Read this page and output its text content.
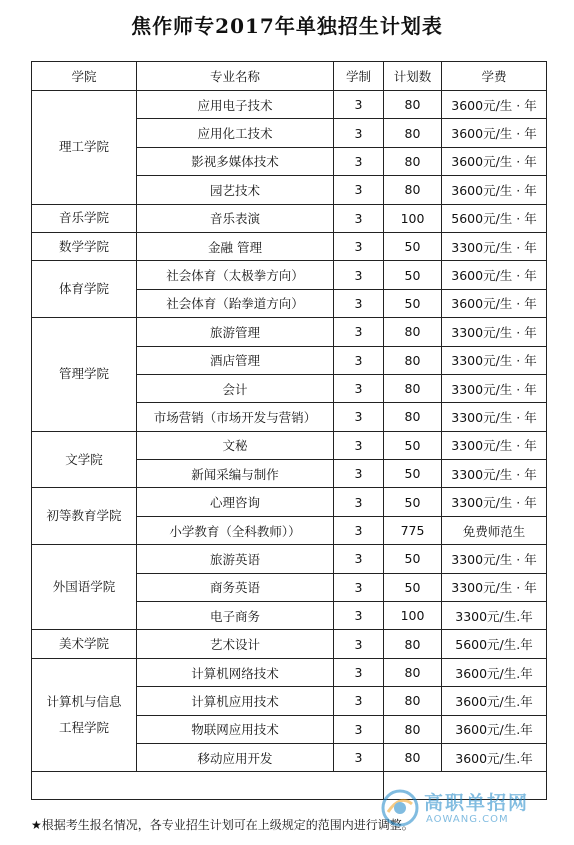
焦作师专2017年单独招生计划表
学院	专业名称	学制	计划数	学费
理工学院	应用电子技术	3	80	3600元/生 · 年
	应用化工技术	3	80	3600元/生 · 年
	影视多媒体技术	3	80	3600元/生 · 年
	园艺技术	3	80	3600元/生 · 年
音乐学院	音乐表演	3	100	5600元/生 · 年
数学学院	金融 管理	3	50	3300元/生 · 年
体育学院	社会体育（太极拳方向）	3	50	3600元/生 · 年
	社会体育（跆拳道方向）	3	50	3600元/生 · 年
管理学院	旅游管理	3	80	3300元/生 · 年
	酒店管理	3	80	3300元/生 · 年
	会计	3	80	3300元/生 · 年
	市场营销（市场开发与营销）	3	80	3300元/生 · 年
文学院	文秘	3	50	3300元/生 · 年
	新闻采编与制作	3	50	3300元/生 · 年
初等教育学院	心理咨询	3	50	3300元/生 · 年
	小学教育（全科教师））	3	775	免费师范生
外国语学院	旅游英语	3	50	3300元/生 · 年
	商务英语	3	50	3300元/生 · 年
	电子商务	3	100	3300元/生.年
美术学院	艺术设计	3	80	5600元/生.年
计算机与信息
工程学院	计算机网络技术	3	80	3600元/生.年
	计算机应用技术	3	80	3600元/生.年
	物联网应用技术	3	80	3600元/生.年
	移动应用开发	3	80	3600元/生.年

★根据考生报名情况，各专业招生计划可在上级规定的范围内进行调整。
高职单招网
AOWANG.COM
